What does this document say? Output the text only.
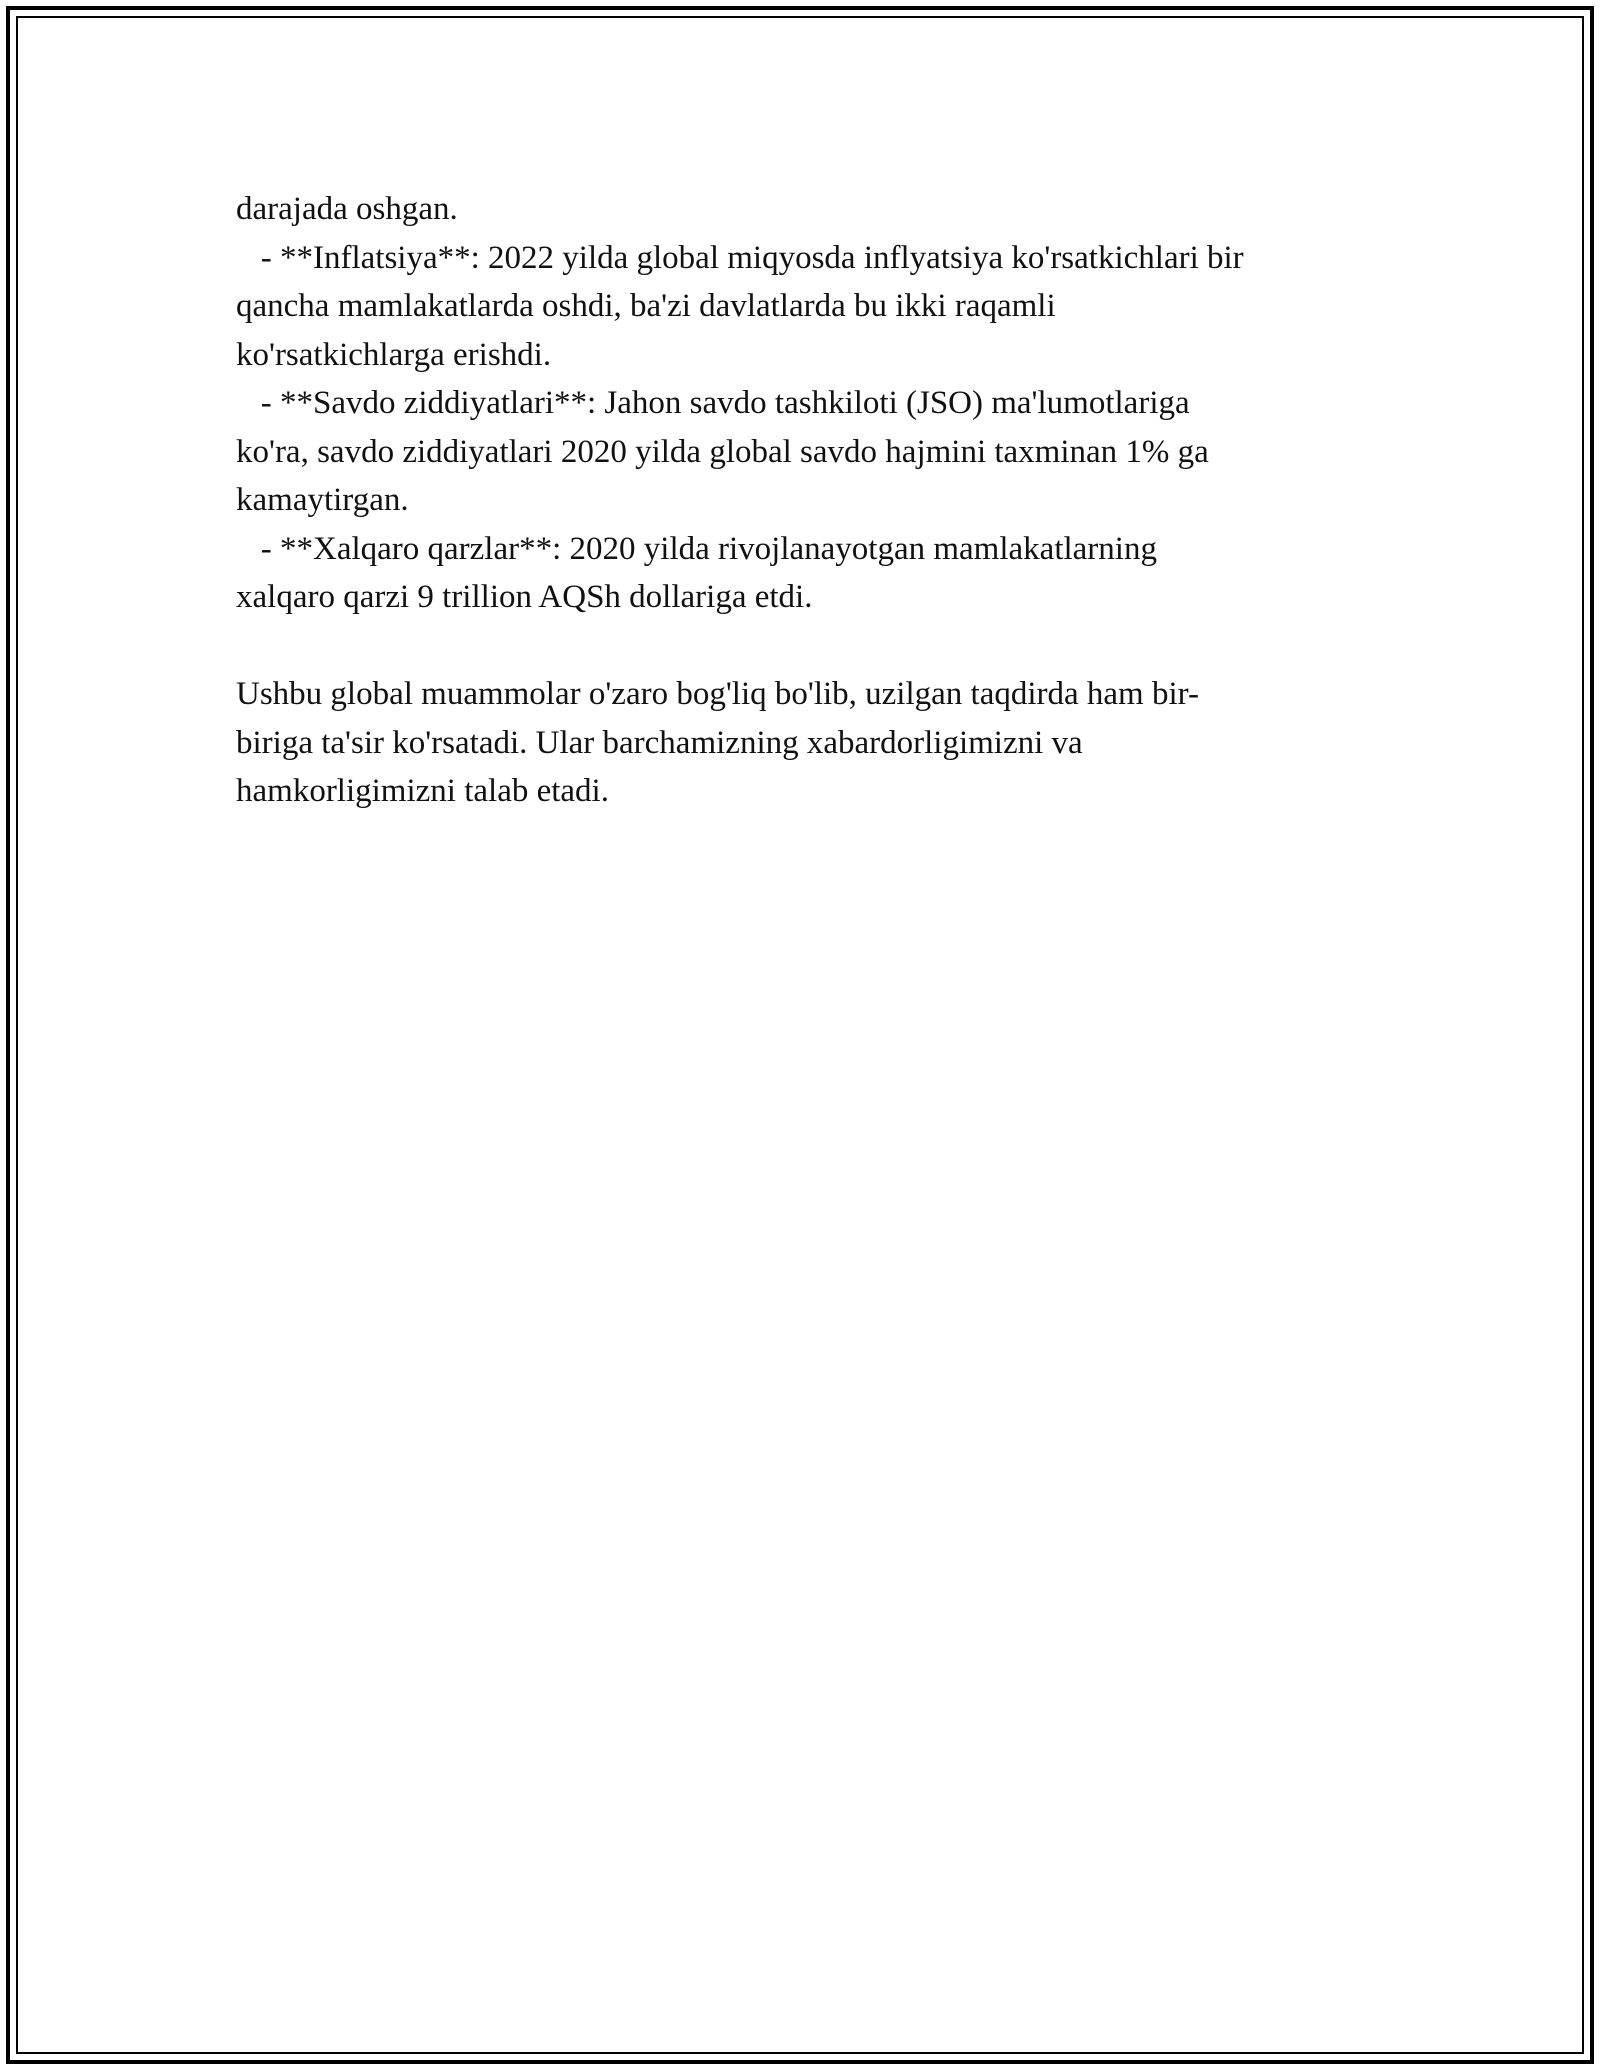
darajada oshgan.

- **Inflatsiya**: 2022 yilda global miqyosda inflyatsiya ko'rsatkichlari bir

qancha mamlakatlarda oshdi, ba'zi davlatlarda bu ikki raqamli

ko'rsatkichlarga erishdi.

- **Savdo ziddiyatlari**: Jahon savdo tashkiloti (JSO) ma'lumotlariga

ko'ra, savdo ziddiyatlari 2020 yilda global savdo hajmini taxminan 1% ga

kamaytirgan.

- **Xalqaro qarzlar**: 2020 yilda rivojlanayotgan mamlakatlarning

xalqaro qarzi 9 trillion AQSh dollariga etdi.

Ushbu global muammolar o'zaro bog'liq bo'lib, uzilgan taqdirda ham bir-

biriga ta'sir ko'rsatadi. Ular barchamizning xabardorligimizni va

hamkorligimizni talab etadi.
